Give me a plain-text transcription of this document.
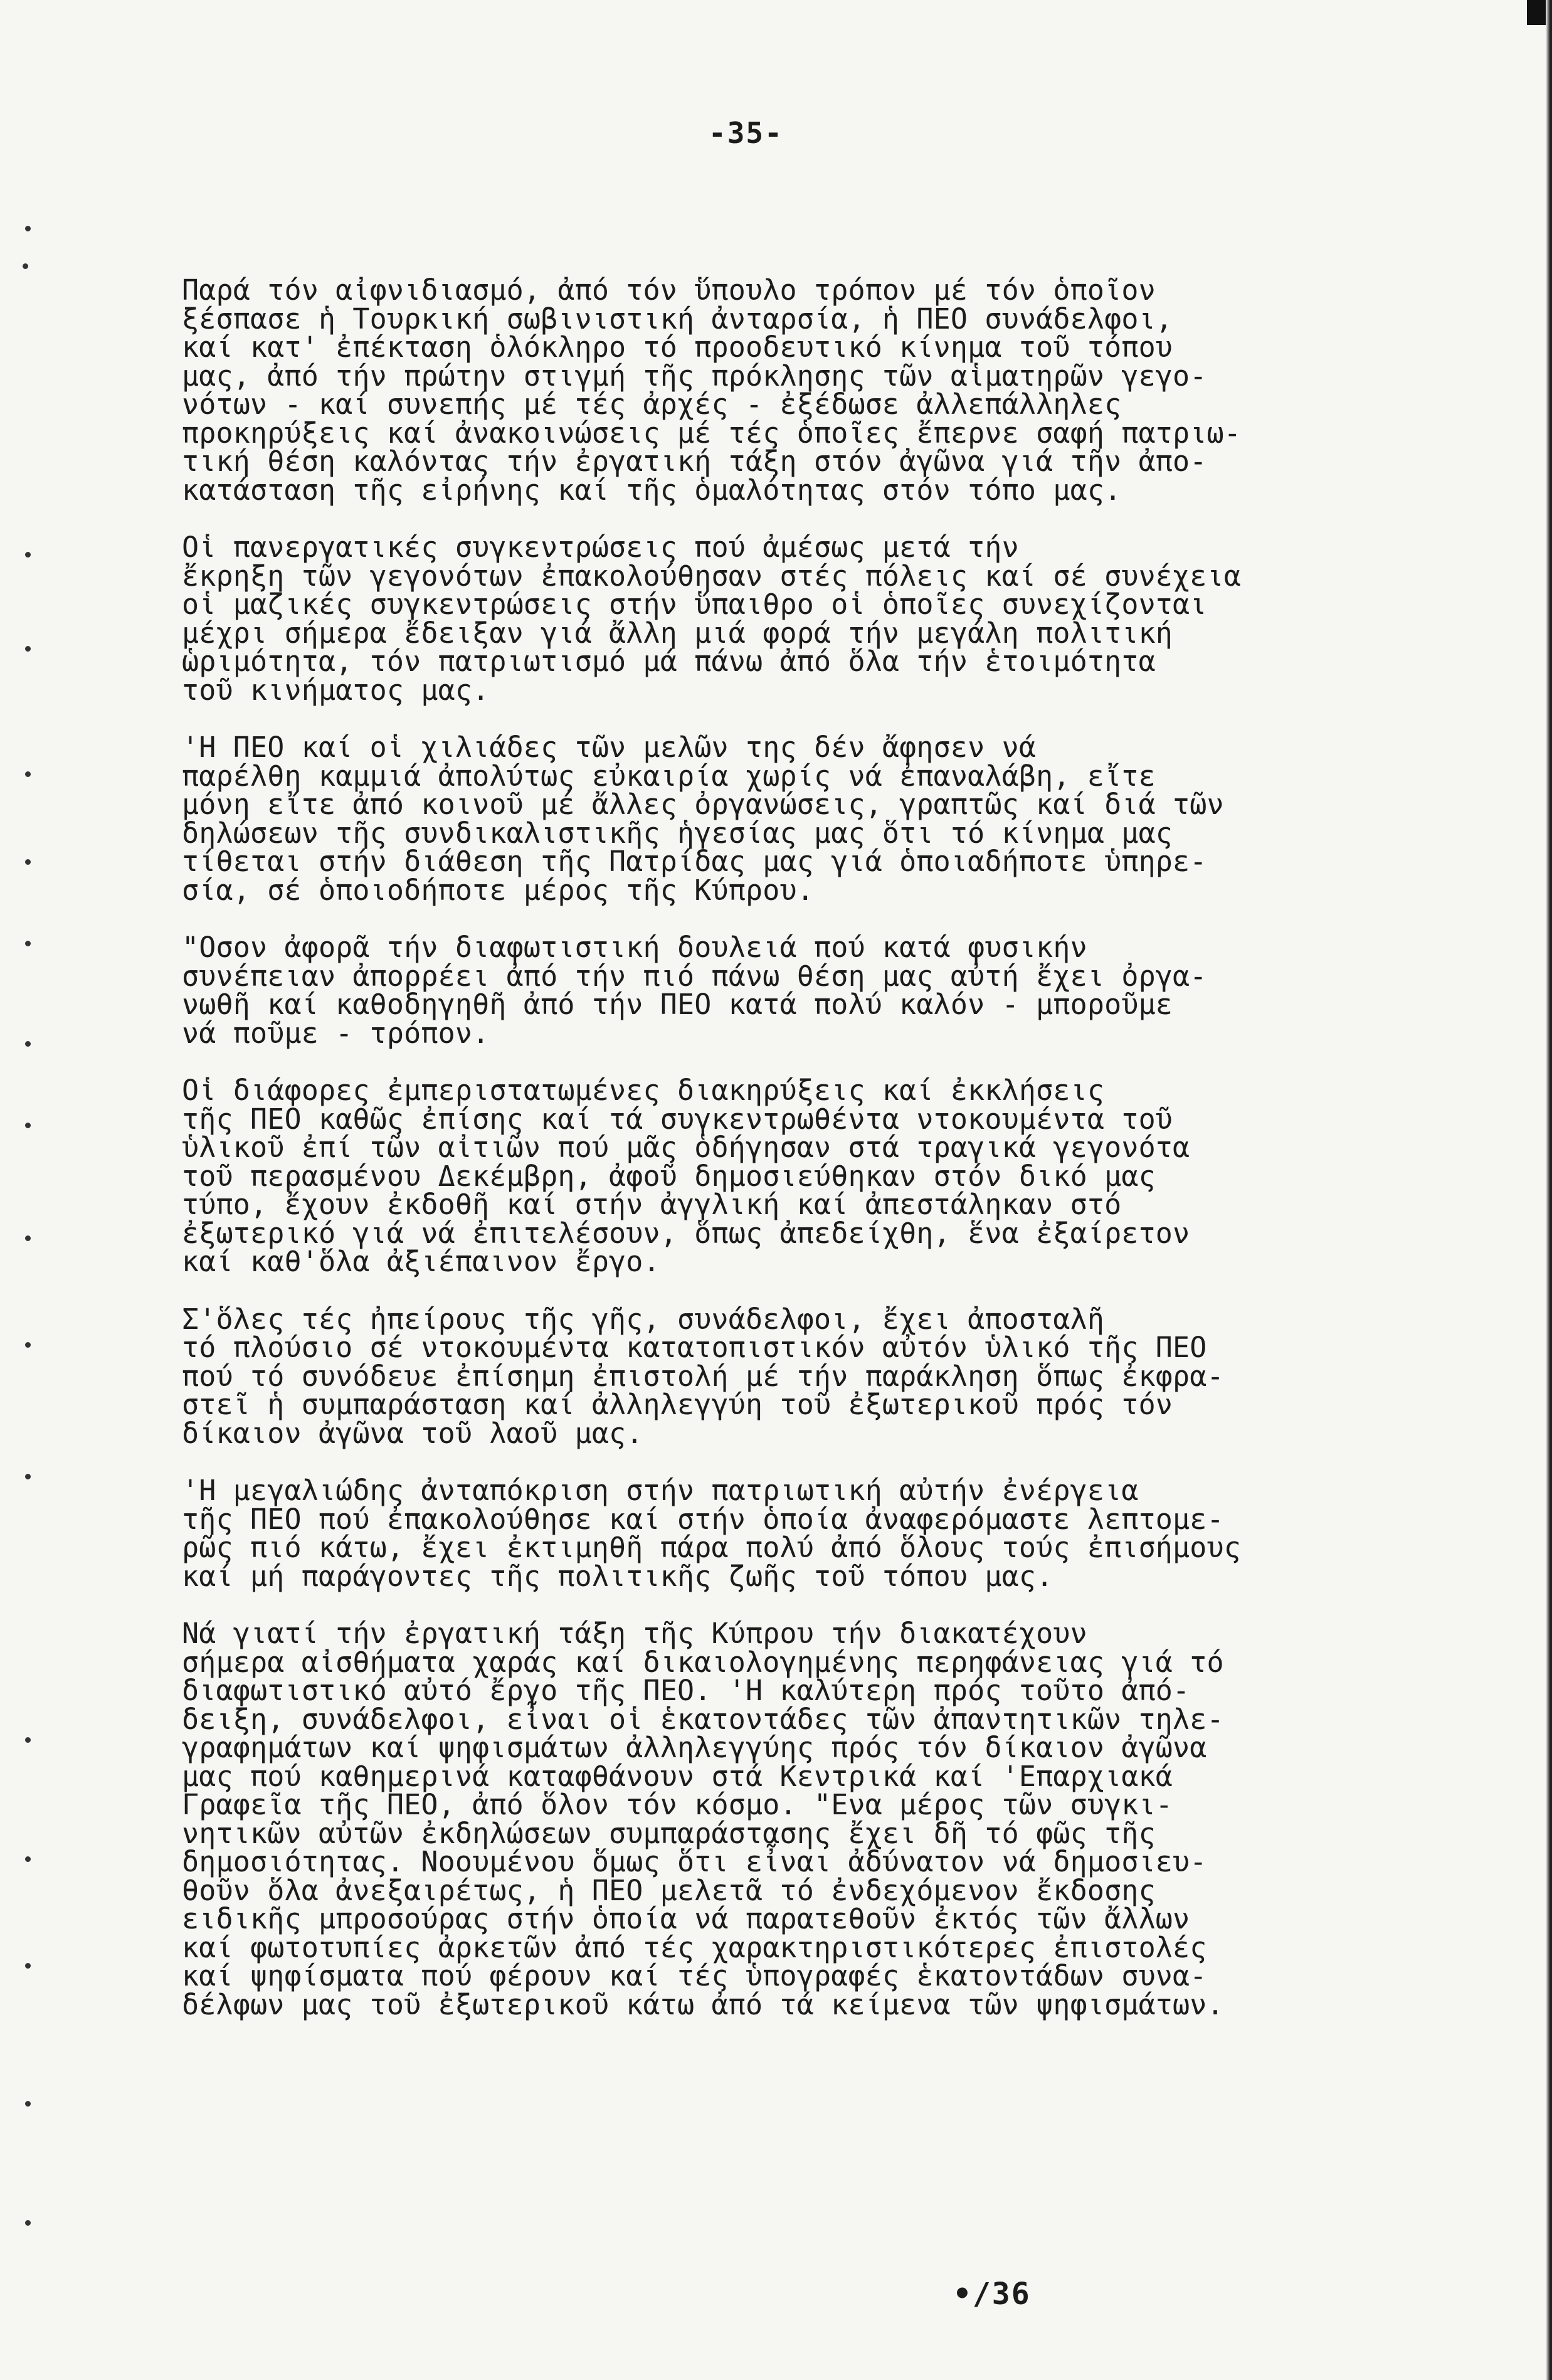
-35-

Παρά τόν αἰφνιδιασμό, ἀπό τόν ὕπουλο τρόπον μέ τόν ὁποῖον
ξέσπασε ἡ Τουρκική σωβινιστική ἀνταρσία, ἡ ΠΕΟ συνάδελφοι,
καί κατ' ἐπέκταση ὁλόκληρο τό προοδευτικό κίνημα τοῦ τόπου
μας, ἀπό τήν πρώτην στιγμή τῆς πρόκλησης τῶν αἱματηρῶν γεγο-
νότων - καί συνεπής μέ τές ἀρχές - ἐξέδωσε ἀλλεπάλληλες
προκηρύξεις καί ἀνακοινώσεις μέ τές ὁποῖες ἔπερνε σαφή πατριω-
τική θέση καλόντας τήν ἐργατική τάξη στόν ἀγῶνα γιά τῆν ἀπο-
κατάσταση τῆς εἰρήνης καί τῆς ὁμαλότητας στόν τόπο μας.

Οἱ πανεργατικές συγκεντρώσεις πού ἀμέσως μετά τήν
ἔκρηξη τῶν γεγονότων ἐπακολούθησαν στές πόλεις καί σέ συνέχεια
οἱ μαζικές συγκεντρώσεις στήν ὕπαιθρο οἱ ὁποῖες συνεχίζονται
μέχρι σήμερα ἔδειξαν γιά ἄλλη μιά φορά τήν μεγάλη πολιτική
ὡριμότητα, τόν πατριωτισμό μά πάνω ἀπό ὅλα τήν ἑτοιμότητα
τοῦ κινήματος μας.

'Η ΠΕΟ καί οἱ χιλιάδες τῶν μελῶν της δέν ἄφησεν νά
παρέλθη καμμιά ἀπολύτως εὐκαιρία χωρίς νά ἐπαναλάβη, εἴτε
μόνη εἴτε ἀπό κοινοῦ μέ ἄλλες ὀργανώσεις, γραπτῶς καί διά τῶν
δηλώσεων τῆς συνδικαλιστικῆς ἡγεσίας μας ὅτι τό κίνημα μας
τίθεται στήν διάθεση τῆς Πατρίδας μας γιά ὁποιαδήποτε ὑπηρε-
σία, σέ ὁποιοδήποτε μέρος τῆς Κύπρου.

"Οσον ἀφορᾶ τήν διαφωτιστική δουλειά πού κατά φυσικήν
συνέπειαν ἀπορρέει ἀπό τήν πιό πάνω θέση μας αὐτή ἔχει ὀργα-
νωθῆ καί καθοδηγηθῆ ἀπό τήν ΠΕΟ κατά πολύ καλόν - μποροῦμε
νά ποῦμε - τρόπον.

Οἱ διάφορες ἐμπεριστατωμένες διακηρύξεις καί ἐκκλήσεις
τῆς ΠΕΟ καθῶς ἐπίσης καί τά συγκεντρωθέντα ντοκουμέντα τοῦ
ὑλικοῦ ἐπί τῶν αἰτιῶν πού μᾶς ὁδήγησαν στά τραγικά γεγονότα
τοῦ περασμένου Δεκέμβρη, ἀφοῦ δημοσιεύθηκαν στόν δικό μας
τύπο, ἔχουν ἐκδοθῆ καί στήν ἀγγλική καί ἀπεστάληκαν στό
ἐξωτερικό γιά νά ἐπιτελέσουν, ὅπως ἀπεδείχθη, ἕνα ἐξαίρετον
καί καθ'ὅλα ἀξιέπαινον ἔργο.

Σ'ὅλες τές ἠπείρους τῆς γῆς, συνάδελφοι, ἔχει ἀποσταλῆ
τό πλούσιο σέ ντοκουμέντα κατατοπιστικόν αὐτόν ὑλικό τῆς ΠΕΟ
πού τό συνόδευε ἐπίσημη ἐπιστολή μέ τήν παράκληση ὅπως ἐκφρα-
στεῖ ἡ συμπαράσταση καί ἀλληλεγγύη τοῦ ἐξωτερικοῦ πρός τόν
δίκαιον ἀγῶνα τοῦ λαοῦ μας.

'Η μεγαλιώδης ἀνταπόκριση στήν πατριωτική αὐτήν ἐνέργεια
τῆς ΠΕΟ πού ἐπακολούθησε καί στήν ὁποία ἀναφερόμαστε λεπτομε-
ρῶς πιό κάτω, ἔχει ἐκτιμηθῆ πάρα πολύ ἀπό ὅλους τούς ἐπισήμους
καί μή παράγοντες τῆς πολιτικῆς ζωῆς τοῦ τόπου μας.

Νά γιατί τήν ἐργατική τάξη τῆς Κύπρου τήν διακατέχουν
σήμερα αἰσθήματα χαράς καί δικαιολογημένης περηφάνειας γιά τό
διαφωτιστικό αὐτό ἔργο τῆς ΠΕΟ. 'Η καλύτερη πρός τοῦτο ἀπό-
δειξη, συνάδελφοι, εἶναι οἱ ἑκατοντάδες τῶν ἀπαντητικῶν τηλε-
γραφημάτων καί ψηφισμάτων ἀλληλεγγύης πρός τόν δίκαιον ἀγῶνα
μας πού καθημερινά καταφθάνουν στά Κεντρικά καί 'Επαρχιακά
Γραφεῖα τῆς ΠΕΟ, ἀπό ὅλον τόν κόσμο. "Ενα μέρος τῶν συγκι-
νητικῶν αὐτῶν ἐκδηλώσεων συμπαράστασης ἔχει δῆ τό φῶς τῆς
δημοσιότητας. Νοουμένου ὅμως ὅτι εἶναι ἀδύνατον νά δημοσιευ-
θοῦν ὅλα ἀνεξαιρέτως, ἡ ΠΕΟ μελετᾶ τό ἐνδεχόμενον ἔκδοσης
ειδικῆς μπροσούρας στήν ὁποία νά παρατεθοῦν ἐκτός τῶν ἄλλων
καί φωτοτυπίες ἀρκετῶν ἀπό τές χαρακτηριστικότερες ἐπιστολές
καί ψηφίσματα πού φέρουν καί τές ὑπογραφές ἑκατοντάδων συνα-
δέλφων μας τοῦ ἐξωτερικοῦ κάτω ἀπό τά κείμενα τῶν ψηφισμάτων.

•/36
